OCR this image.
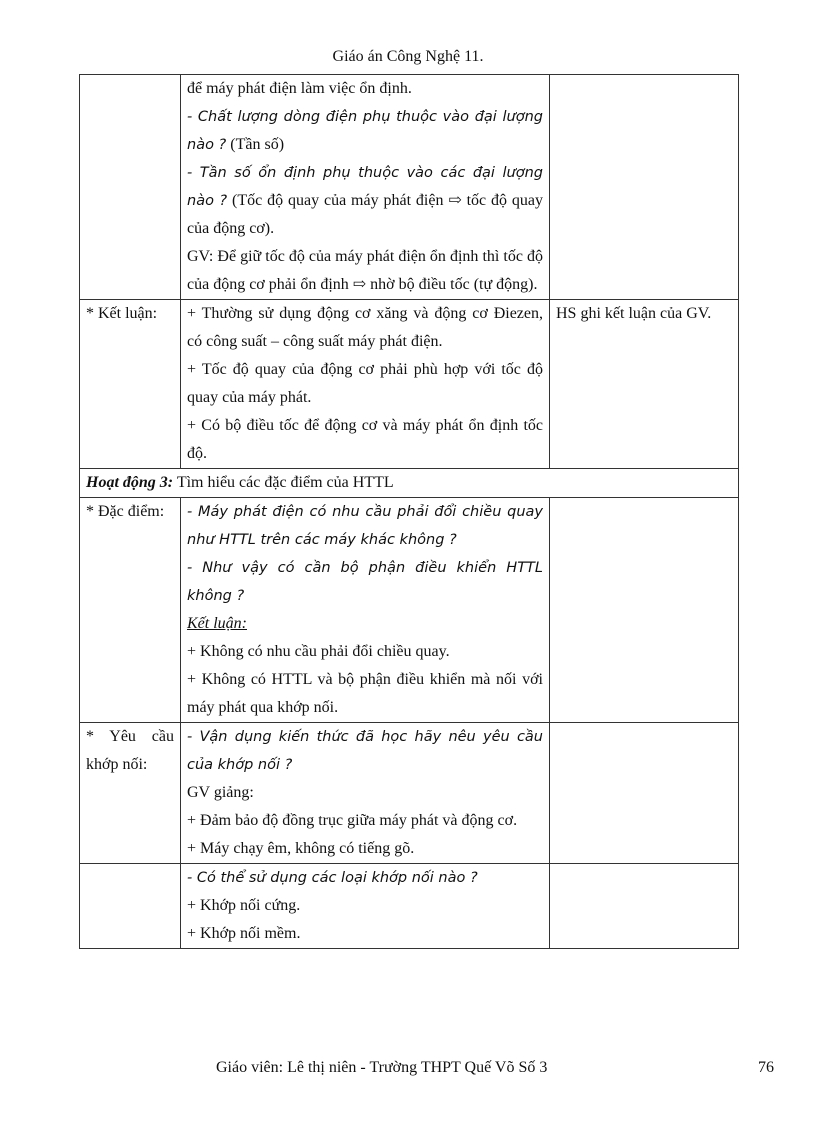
Giáo án Công Nghệ 11.

	để máy phát điện làm việc ổn định.
- Chất lượng dòng điện phụ thuộc vào đại lượng nào ? (Tần số)
- Tần số ổn định phụ thuộc vào các đại lượng nào ? (Tốc độ quay của máy phát điện ⇨ tốc độ quay của động cơ).
GV: Để giữ tốc độ của máy phát điện ổn định thì tốc độ của động cơ phải ổn định ⇨ nhờ bộ điều tốc (tự động).	

* Kết luận:	+ Thường sử dụng động cơ xăng và động cơ Điezen, có công suất – công suất máy phát điện.
+ Tốc độ quay của động cơ phải phù hợp với tốc độ quay của máy phát.
+ Có bộ điều tốc để động cơ và máy phát ổn định tốc độ.	HS ghi kết luận của GV.
Hoạt động 3: Tìm hiểu các đặc điểm của HTTL		
* Đặc điểm:	- Máy phát điện có nhu cầu phải đổi chiều quay như HTTL trên các máy khác không ?
- Như vậy có cần bộ phận điều khiển HTTL không ?
Kết luận:
+ Không có nhu cầu phải đổi chiều quay.
+ Không có HTTL và bộ phận điều khiển mà nối với máy phát qua khớp nối.	

* Yêu cầu khớp nối:	- Vận dụng kiến thức đã học hãy nêu yêu cầu của khớp nối ?
GV giảng:
+ Đảm bảo độ đồng trục giữa máy phát và động cơ.
+ Máy chạy êm, không có tiếng gõ.	

	- Có thể sử dụng các loại khớp nối nào ?
+ Khớp nối cứng.
+ Khớp nối mềm.	

Giáo viên: Lê thị niên - Trường THPT Quế Võ Số 3	76
